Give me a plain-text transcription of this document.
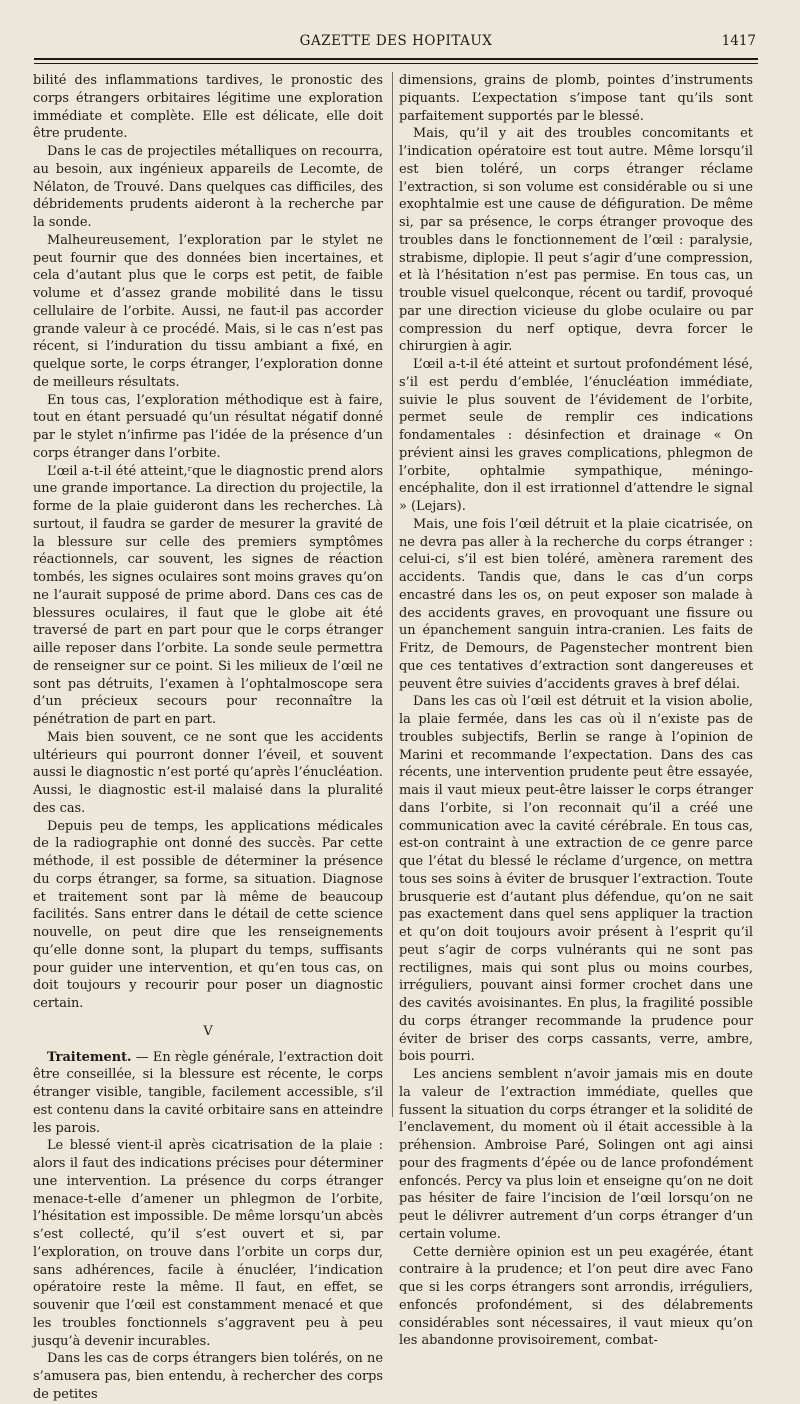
GAZETTE DES HOPITAUX	1417

bilité des inflammations tardives, le pronostic des corps étrangers orbitaires légitime une exploration immédiate et complète. Elle est délicate, elle doit être prudente.

Dans le cas de projectiles métalliques on recourra, au besoin, aux ingénieux appareils de Lecomte, de Nélaton, de Trouvé. Dans quelques cas difficiles, des débridements prudents aideront à la recherche par la sonde.

Malheureusement, l’exploration par le stylet ne peut fournir que des données bien incertaines, et cela d’autant plus que le corps est petit, de faible volume et d’assez grande mobilité dans le tissu cellulaire de l’orbite. Aussi, ne faut-il pas accorder grande valeur à ce procédé. Mais, si le cas n’est pas récent, si l’induration du tissu ambiant a fixé, en quelque sorte, le corps étranger, l’exploration donne de meilleurs résultats.

En tous cas, l’exploration méthodique est à faire, tout en étant persuadé qu’un résultat négatif donné par le stylet n’infirme pas l’idée de la présence d’un corps étranger dans l’orbite.

L’œil a-t-il été atteint,ʳque le diagnostic prend alors une grande importance. La direction du projectile, la forme de la plaie guideront dans les recherches. Là surtout, il faudra se garder de mesurer la gravité de la blessure sur celle des premiers symptômes réactionnels, car souvent, les signes de réaction tombés, les signes oculaires sont moins graves qu’on ne l’aurait supposé de prime abord. Dans ces cas de blessures oculaires, il faut que le globe ait été traversé de part en part pour que le corps étranger aille reposer dans l’orbite. La sonde seule permettra de renseigner sur ce point. Si les milieux de l’œil ne sont pas détruits, l’examen à l’ophtalmoscope sera d’un précieux secours pour reconnaître la pénétration de part en part.

Mais bien souvent, ce ne sont que les accidents ultérieurs qui pourront donner l’éveil, et souvent aussi le diagnostic n’est porté qu’après l’énucléation. Aussi, le diagnostic est-il malaisé dans la pluralité des cas.

Depuis peu de temps, les applications médicales de la radiographie ont donné des succès. Par cette méthode, il est possible de déterminer la présence du corps étranger, sa forme, sa situation. Diagnose et traitement sont par là même de beaucoup facilités. Sans entrer dans le détail de cette science nouvelle, on peut dire que les renseignements qu’elle donne sont, la plupart du temps, suffisants pour guider une intervention, et qu’en tous cas, on doit toujours y recourir pour poser un diagnostic certain.

V

Traitement. — En règle générale, l’extraction doit être conseillée, si la blessure est récente, le corps étranger visible, tangible, facilement accessible, s’il est contenu dans la cavité orbitaire sans en atteindre les parois.

Le blessé vient-il après cicatrisation de la plaie : alors il faut des indications précises pour déterminer une intervention. La présence du corps étranger menace-t-elle d’amener un phlegmon de l’orbite, l’hésitation est impossible. De même lorsqu’un abcès s’est collecté, qu’il s’est ouvert et si, par l’exploration, on trouve dans l’orbite un corps dur, sans adhérences, facile à énucléer, l’indication opératoire reste la même. Il faut, en effet, se souvenir que l’œil est constamment menacé et que les troubles fonctionnels s’aggravent peu à peu jusqu’à devenir incurables.

Dans les cas de corps étrangers bien tolérés, on ne s’amusera pas, bien entendu, à rechercher des corps de petites

dimensions, grains de plomb, pointes d’instruments piquants. L’expectation s’impose tant qu’ils sont parfaitement supportés par le blessé.

Mais, qu’il y ait des troubles concomitants et l’indication opératoire est tout autre. Même lorsqu’il est bien toléré, un corps étranger réclame l’extraction, si son volume est considérable ou si une exophtalmie est une cause de défiguration. De même si, par sa présence, le corps étranger provoque des troubles dans le fonctionnement de l’œil : paralysie, strabisme, diplopie. Il peut s’agir d’une compression, et là l’hésitation n’est pas permise. En tous cas, un trouble visuel quelconque, récent ou tardif, provoqué par une direction vicieuse du globe oculaire ou par compression du nerf optique, devra forcer le chirurgien à agir.

L’œil a-t-il été atteint et surtout profondément lésé, s’il est perdu d’emblée, l’énucléation immédiate, suivie le plus souvent de l’évidement de l’orbite, permet seule de remplir ces indications fondamentales : désinfection et drainage « On prévient ainsi les graves complications, phlegmon de l’orbite, ophtalmie sympathique, méningo-encéphalite, don il est irrationnel d’attendre le signal » (Lejars).

Mais, une fois l’œil détruit et la plaie cicatrisée, on ne devra pas aller à la recherche du corps étranger : celui-ci, s’il est bien toléré, amènera rarement des accidents. Tandis que, dans le cas d’un corps encastré dans les os, on peut exposer son malade à des accidents graves, en provoquant une fissure ou un épanchement sanguin intra-cranien. Les faits de Fritz, de Demours, de Pagenstecher montrent bien que ces tentatives d’extraction sont dangereuses et peuvent être suivies d’accidents graves à bref délai.

Dans les cas où l’œil est détruit et la vision abolie, la plaie fermée, dans les cas où il n’existe pas de troubles subjectifs, Berlin se range à l’opinion de Marini et recommande l’expectation. Dans des cas récents, une intervention prudente peut être essayée, mais il vaut mieux peut-être laisser le corps étranger dans l’orbite, si l’on reconnait qu’il a créé une communication avec la cavité cérébrale. En tous cas, est-on contraint à une extraction de ce genre parce que l’état du blessé le réclame d’urgence, on mettra tous ses soins à éviter de brusquer l’extraction. Toute brusquerie est d’autant plus défendue, qu’on ne sait pas exactement dans quel sens appliquer la traction et qu’on doit toujours avoir présent à l’esprit qu’il peut s’agir de corps vulnérants qui ne sont pas rectilignes, mais qui sont plus ou moins courbes, irréguliers, pouvant ainsi former crochet dans une des cavités avoisinantes. En plus, la fragilité possible du corps étranger recommande la prudence pour éviter de briser des corps cassants, verre, ambre, bois pourri.

Les anciens semblent n’avoir jamais mis en doute la valeur de l’extraction immédiate, quelles que fussent la situation du corps étranger et la solidité de l’enclavement, du moment où il était accessible à la préhension. Ambroise Paré, Solingen ont agi ainsi pour des fragments d’épée ou de lance profondément enfoncés. Percy va plus loin et enseigne qu’on ne doit pas hésiter de faire l’incision de l’œil lorsqu’on ne peut le délivrer autrement d’un corps étranger d’un certain volume.

Cette dernière opinion est un peu exagérée, étant contraire à la prudence; et l’on peut dire avec Fano que si les corps étrangers sont arrondis, irréguliers, enfoncés profondément, si des délabrements considérables sont nécessaires, il vaut mieux qu’on les abandonne provisoirement, combat-
